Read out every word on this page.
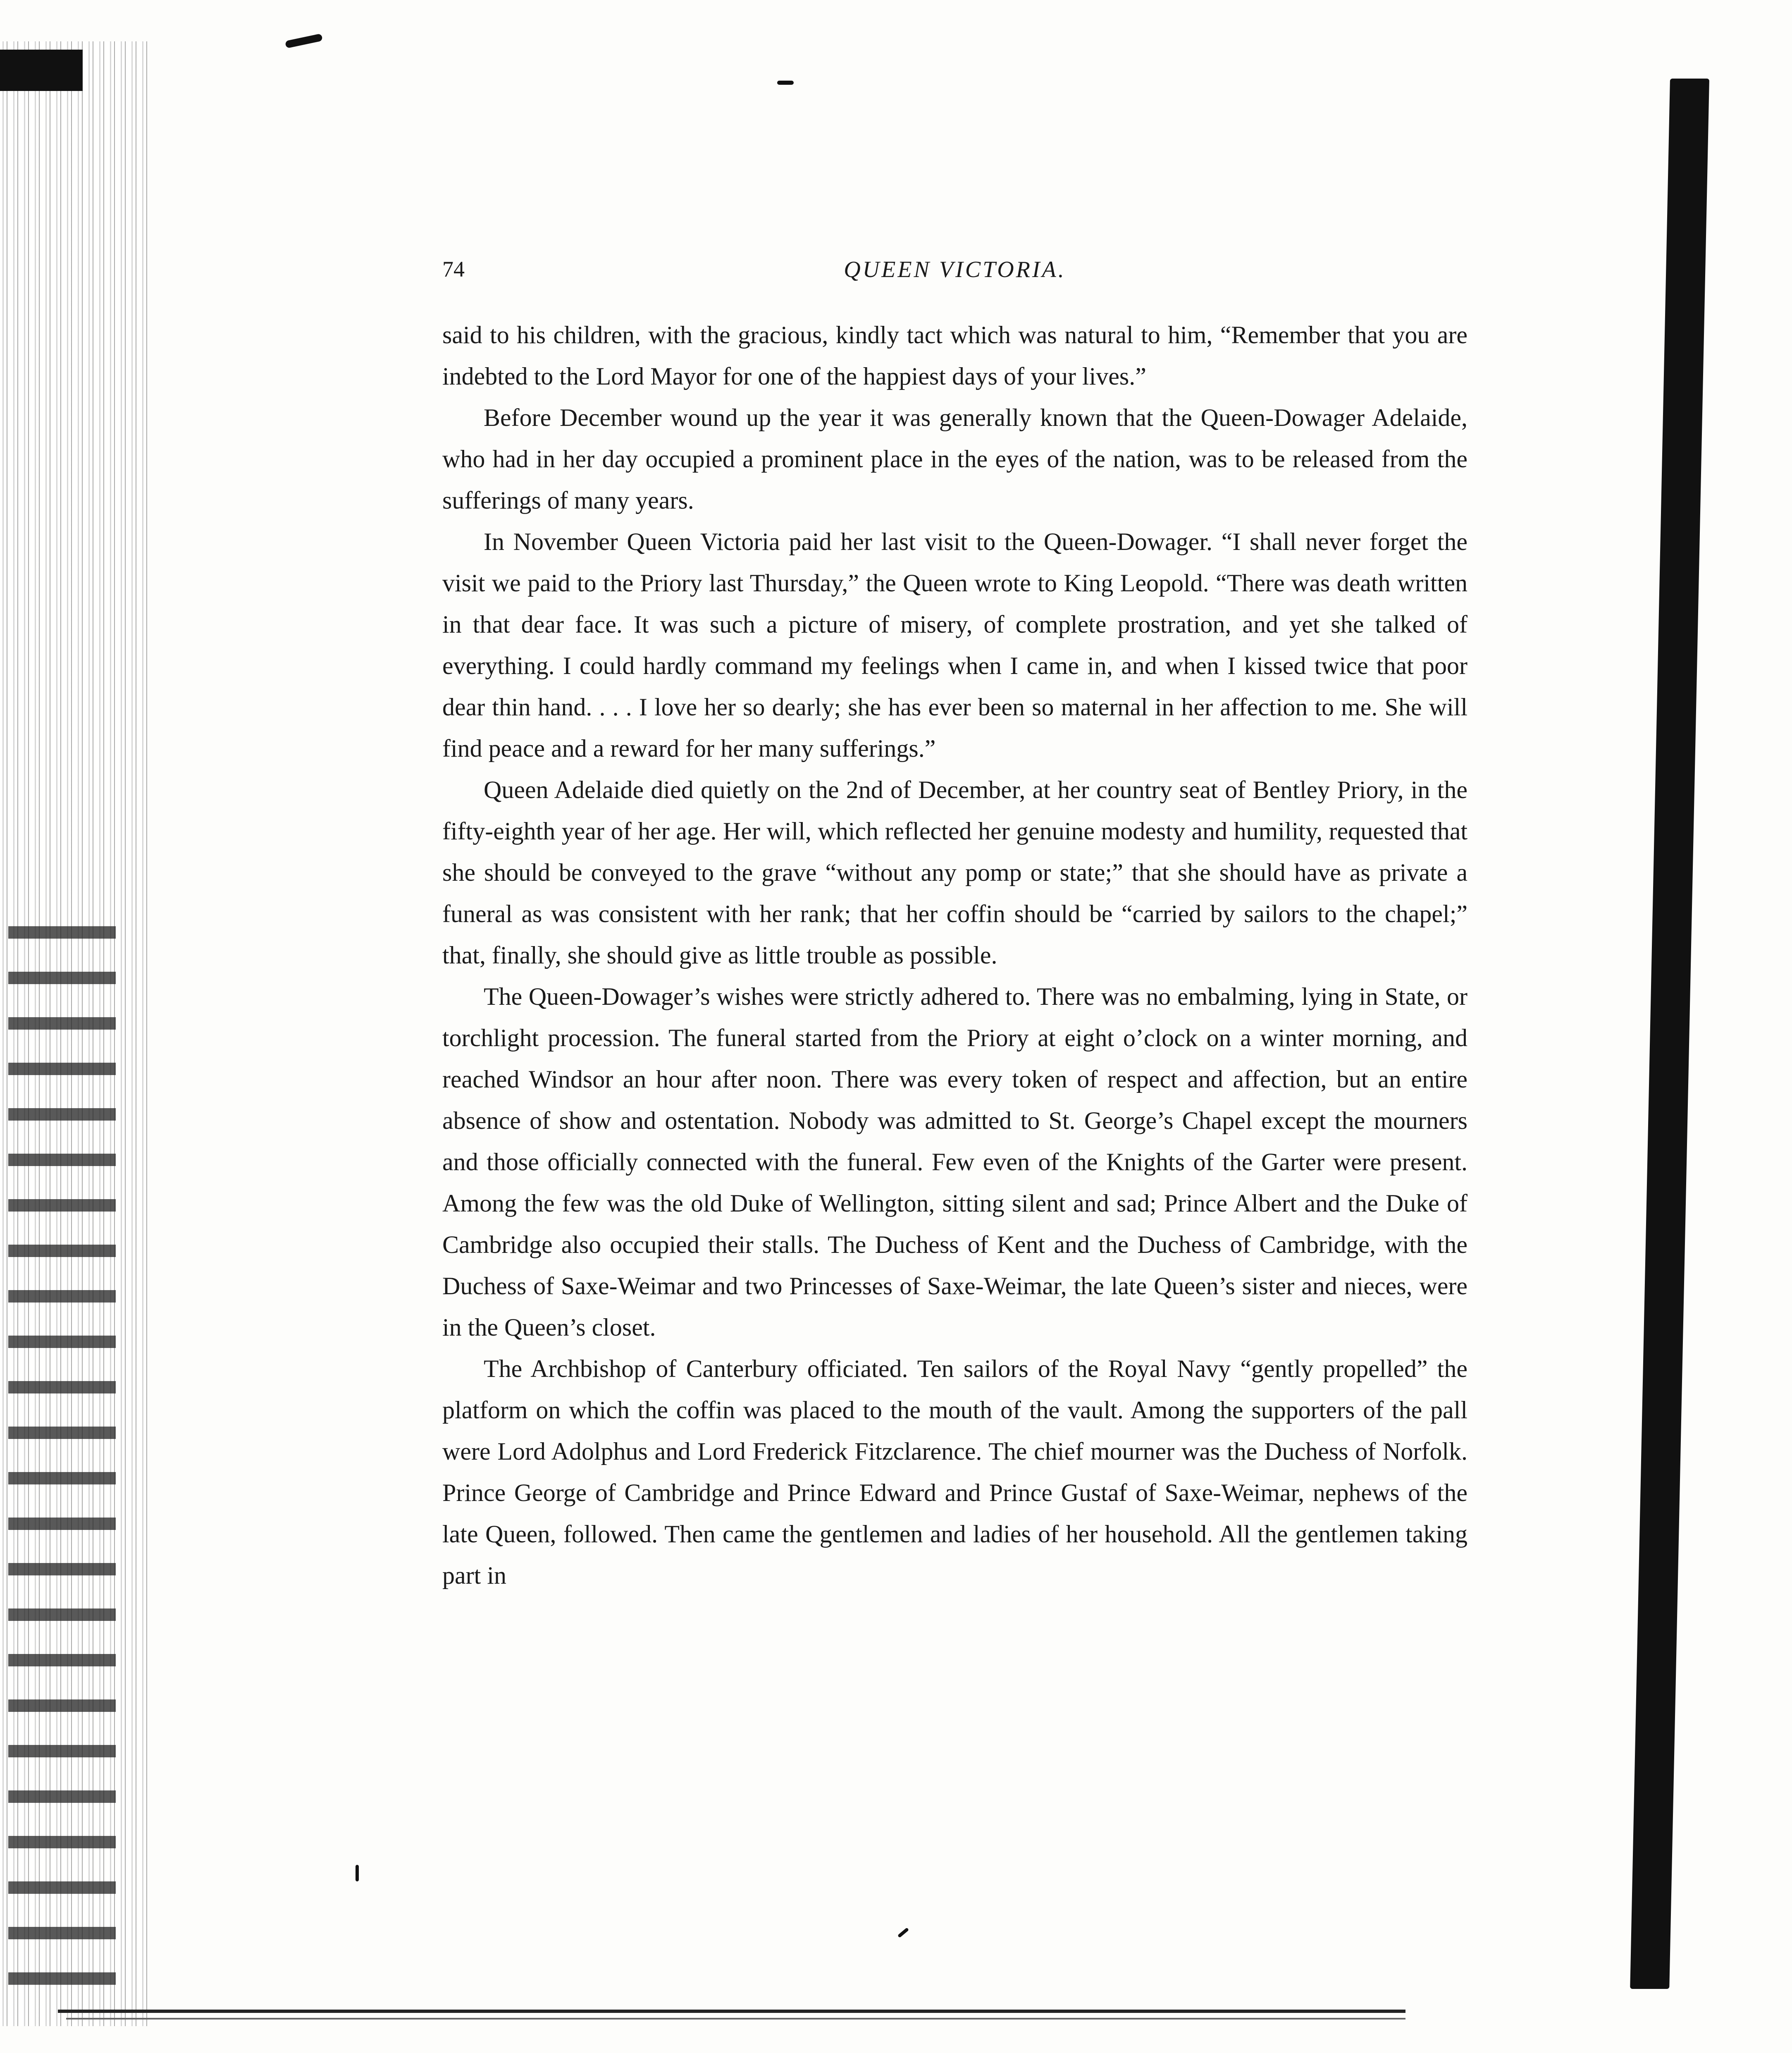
74	QUEEN VICTORIA.

said to his children, with the gracious, kindly tact which was natural to him, “Remember that you are indebted to the Lord Mayor for one of the happiest days of your lives.”

Before December wound up the year it was generally known that the Queen-Dowager Adelaide, who had in her day occupied a prominent place in the eyes of the nation, was to be released from the sufferings of many years.

In November Queen Victoria paid her last visit to the Queen-Dowager. “I shall never forget the visit we paid to the Priory last Thursday,” the Queen wrote to King Leopold. “There was death written in that dear face. It was such a picture of misery, of complete prostration, and yet she talked of everything. I could hardly command my feelings when I came in, and when I kissed twice that poor dear thin hand. . . . I love her so dearly; she has ever been so maternal in her affection to me. She will find peace and a reward for her many sufferings.”

Queen Adelaide died quietly on the 2nd of December, at her country seat of Bentley Priory, in the fifty-eighth year of her age. Her will, which reflected her genuine modesty and humility, requested that she should be conveyed to the grave “without any pomp or state;” that she should have as private a funeral as was consistent with her rank; that her coffin should be “carried by sailors to the chapel;” that, finally, she should give as little trouble as possible.

The Queen-Dowager’s wishes were strictly adhered to. There was no embalming, lying in State, or torchlight procession. The funeral started from the Priory at eight o’clock on a winter morning, and reached Windsor an hour after noon. There was every token of respect and affection, but an entire absence of show and ostentation. Nobody was admitted to St. George’s Chapel except the mourners and those officially connected with the funeral. Few even of the Knights of the Garter were present. Among the few was the old Duke of Wellington, sitting silent and sad; Prince Albert and the Duke of Cambridge also occupied their stalls. The Duchess of Kent and the Duchess of Cambridge, with the Duchess of Saxe-Weimar and two Princesses of Saxe-Weimar, the late Queen’s sister and nieces, were in the Queen’s closet.

The Archbishop of Canterbury officiated. Ten sailors of the Royal Navy “gently propelled” the platform on which the coffin was placed to the mouth of the vault. Among the supporters of the pall were Lord Adolphus and Lord Frederick Fitzclarence. The chief mourner was the Duchess of Norfolk. Prince George of Cambridge and Prince Edward and Prince Gustaf of Saxe-Weimar, nephews of the late Queen, followed. Then came the gentlemen and ladies of her household. All the gentlemen taking part in
